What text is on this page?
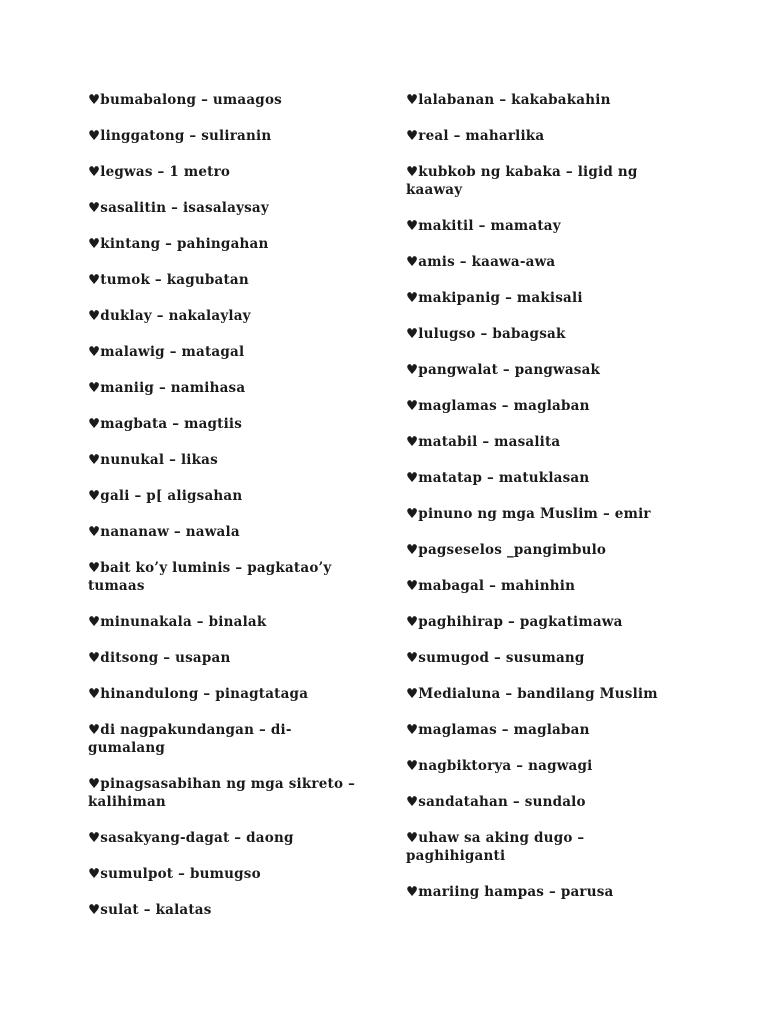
♥bumabalong – umaagos
♥linggatong – suliranin
♥legwas – 1 metro
♥sasalitin – isasalaysay
♥kintang – pahingahan
♥tumok – kagubatan
♥duklay – nakalaylay
♥malawig – matagal
♥maniig – namihasa
♥magbata – magtiis
♥nunukal – likas
♥gali – p[ aligsahan
♥nananaw – nawala
♥bait ko’y luminis – pagkatao’y tumaas
♥minunakala – binalak
♥ditsong – usapan
♥hinandulong – pinagtataga
♥di nagpakundangan – di-gumalang
♥pinagsasabihan ng mga sikreto – kalihiman
♥sasakyang-dagat – daong
♥sumulpot – bumugso
♥sulat – kalatas
♥lalabanan – kakabakahin
♥real – maharlika
♥kubkob ng kabaka – ligid ng kaaway
♥makitil – mamatay
♥amis – kaawa-awa
♥makipanig – makisali
♥lulugso – babagsak
♥pangwalat – pangwasak
♥maglamas – maglaban
♥matabil – masalita
♥matatap – matuklasan
♥pinuno ng mga Muslim – emir
♥pagseselos _pangimbulo
♥mabagal – mahinhin
♥paghihirap – pagkatimawa
♥sumugod – susumang
♥Medialuna – bandilang Muslim
♥maglamas – maglaban
♥nagbiktorya – nagwagi
♥sandatahan – sundalo
♥uhaw sa aking dugo – paghihiganti
♥mariing hampas – parusa
